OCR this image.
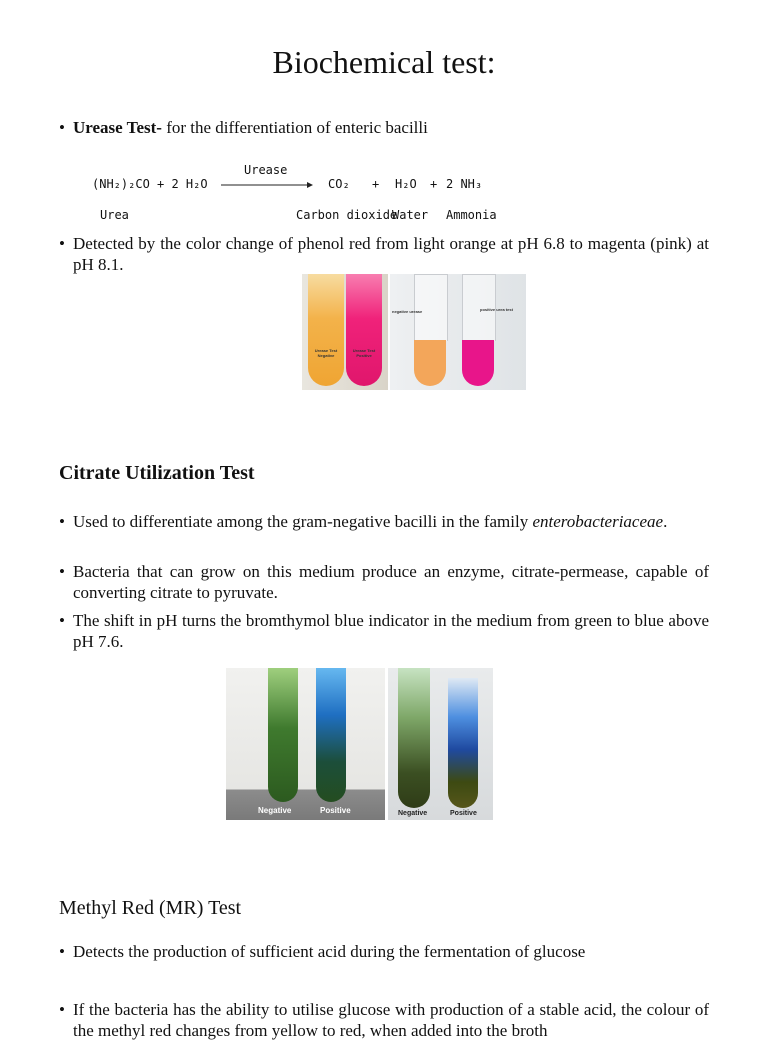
Biochemical test:
• Urease Test- for the differentiation of enteric bacilli
(NH₂)₂CO + 2 H₂O
Urease
CO₂ + H₂O + 2 NH₃
Urea	Carbon dioxide
Water Ammonia
• Detected by the color change of phenol red from light orange at pH 6.8 to magenta (pink) at pH 8.1.
Urease Test Negative
Urease Test Positive
negative urease	positive urea test
Citrate Utilization Test
• Used to differentiate among the gram-negative bacilli in the family enterobacteriaceae.
• Bacteria that can grow on this medium produce an enzyme, citrate-permease, capable of converting citrate to pyruvate.
• The shift in pH turns the bromthymol blue indicator in the medium from green to blue above pH 7.6.
Negative	Positive	Negative	Positive
Methyl Red (MR) Test
• Detects the production of sufficient acid during the fermentation of glucose
• If the bacteria has the ability to utilise glucose with production of a stable acid, the colour of the methyl red changes from yellow to red, when added into the broth
